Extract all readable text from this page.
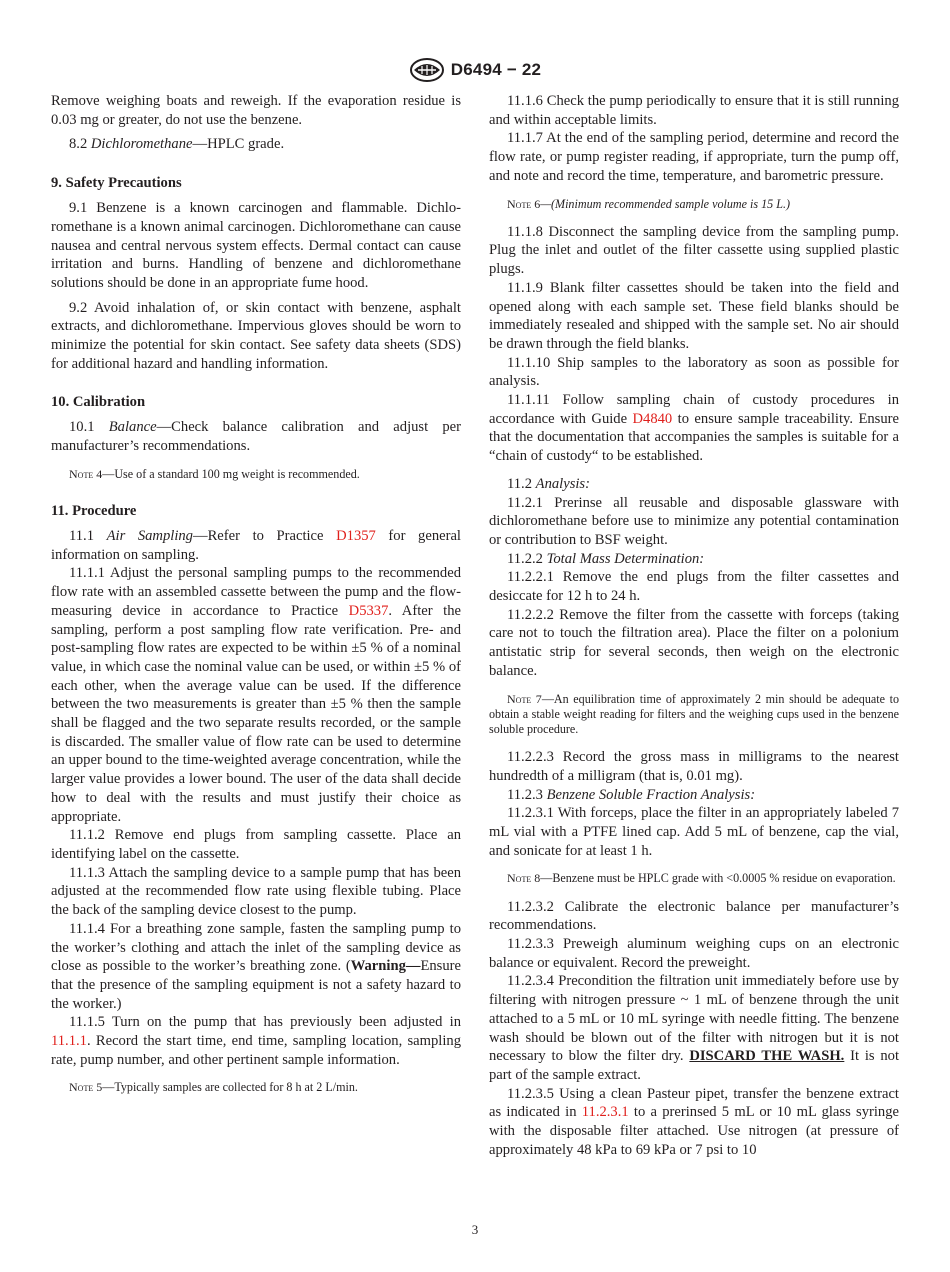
D6494 − 22

Remove weighing boats and reweigh. If the evaporation residue is 0.03 mg or greater, do not use the benzene.

8.2 Dichloromethane—HPLC grade.

9. Safety Precautions

9.1 Benzene is a known carcinogen and flammable. Dichloromethane is a known animal carcinogen. Dichloromethane can cause nausea and central nervous system effects. Dermal contact can cause irritation and burns. Handling of benzene and dichloromethane solutions should be done in an appropriate fume hood.

9.2 Avoid inhalation of, or skin contact with benzene, asphalt extracts, and dichloromethane. Impervious gloves should be worn to minimize the potential for skin contact. See safety data sheets (SDS) for additional hazard and handling information.

10. Calibration

10.1 Balance—Check balance calibration and adjust per manufacturer’s recommendations.

Note 4—Use of a standard 100 mg weight is recommended.
11. Procedure

11.1 Air Sampling—Refer to Practice D1357 for general information on sampling.

11.1.1 Adjust the personal sampling pumps to the recommended flow rate with an assembled cassette between the pump and the flow-measuring device in accordance to Practice D5337. After the sampling, perform a post sampling flow rate verification. Pre- and post-sampling flow rates are expected to be within ±5 % of a nominal value, in which case the nominal value can be used, or within ±5 % of each other, when the average value can be used. If the difference between the two measurements is greater than ±5 % then the sample shall be flagged and the two separate results recorded, or the sample is discarded. The smaller value of flow rate can be used to determine an upper bound to the time-weighted average concentration, while the larger value provides a lower bound. The user of the data shall decide how to deal with the results and must justify their choice as appropriate.

11.1.2 Remove end plugs from sampling cassette. Place an identifying label on the cassette.

11.1.3 Attach the sampling device to a sample pump that has been adjusted at the recommended flow rate using flexible tubing. Place the back of the sampling device closest to the pump.

11.1.4 For a breathing zone sample, fasten the sampling pump to the worker’s clothing and attach the inlet of the sampling device as close as possible to the worker’s breathing zone. (Warning—Ensure that the presence of the sampling equipment is not a safety hazard to the worker.)

11.1.5 Turn on the pump that has previously been adjusted in 11.1.1. Record the start time, end time, sampling location, sampling rate, pump number, and other pertinent sample information.

Note 5—Typically samples are collected for 8 h at 2 L/min.

11.1.6 Check the pump periodically to ensure that it is still running and within acceptable limits.

11.1.7 At the end of the sampling period, determine and record the flow rate, or pump register reading, if appropriate, turn the pump off, and note and record the time, temperature, and barometric pressure.

Note 6—(Minimum recommended sample volume is 15 L.)

11.1.8 Disconnect the sampling device from the sampling pump. Plug the inlet and outlet of the filter cassette using supplied plastic plugs.

11.1.9 Blank filter cassettes should be taken into the field and opened along with each sample set. These field blanks should be immediately resealed and shipped with the sample set. No air should be drawn through the field blanks.

11.1.10 Ship samples to the laboratory as soon as possible for analysis.

11.1.11 Follow sampling chain of custody procedures in accordance with Guide D4840 to ensure sample traceability. Ensure that the documentation that accompanies the samples is suitable for a “chain of custody“ to be established.

11.2 Analysis:

11.2.1 Prerinse all reusable and disposable glassware with dichloromethane before use to minimize any potential contamination or contribution to BSF weight.

11.2.2 Total Mass Determination:

11.2.2.1 Remove the end plugs from the filter cassettes and desiccate for 12 h to 24 h.

11.2.2.2 Remove the filter from the cassette with forceps (taking care not to touch the filtration area). Place the filter on a polonium antistatic strip for several seconds, then weigh on the electronic balance.

Note 7—An equilibration time of approximately 2 min should be adequate to obtain a stable weight reading for filters and the weighing cups used in the benzene soluble procedure.

11.2.2.3 Record the gross mass in milligrams to the nearest hundredth of a milligram (that is, 0.01 mg).

11.2.3 Benzene Soluble Fraction Analysis:

11.2.3.1 With forceps, place the filter in an appropriately labeled 7 mL vial with a PTFE lined cap. Add 5 mL of benzene, cap the vial, and sonicate for at least 1 h.

Note 8—Benzene must be HPLC grade with <0.0005 % residue on evaporation.

11.2.3.2 Calibrate the electronic balance per manufacturer’s recommendations.

11.2.3.3 Preweigh aluminum weighing cups on an electronic balance or equivalent. Record the preweight.

11.2.3.4 Precondition the filtration unit immediately before use by filtering with nitrogen pressure ~ 1 mL of benzene through the unit attached to a 5 mL or 10 mL syringe with needle fitting. The benzene wash should be blown out of the filter with nitrogen but it is not necessary to blow the filter dry. DISCARD THE WASH. It is not part of the sample extract.

11.2.3.5 Using a clean Pasteur pipet, transfer the benzene extract as indicated in 11.2.3.1 to a prerinsed 5 mL or 10 mL glass syringe with the disposable filter attached. Use nitrogen (at pressure of approximately 48 kPa to 69 kPa or 7 psi to 10

3
